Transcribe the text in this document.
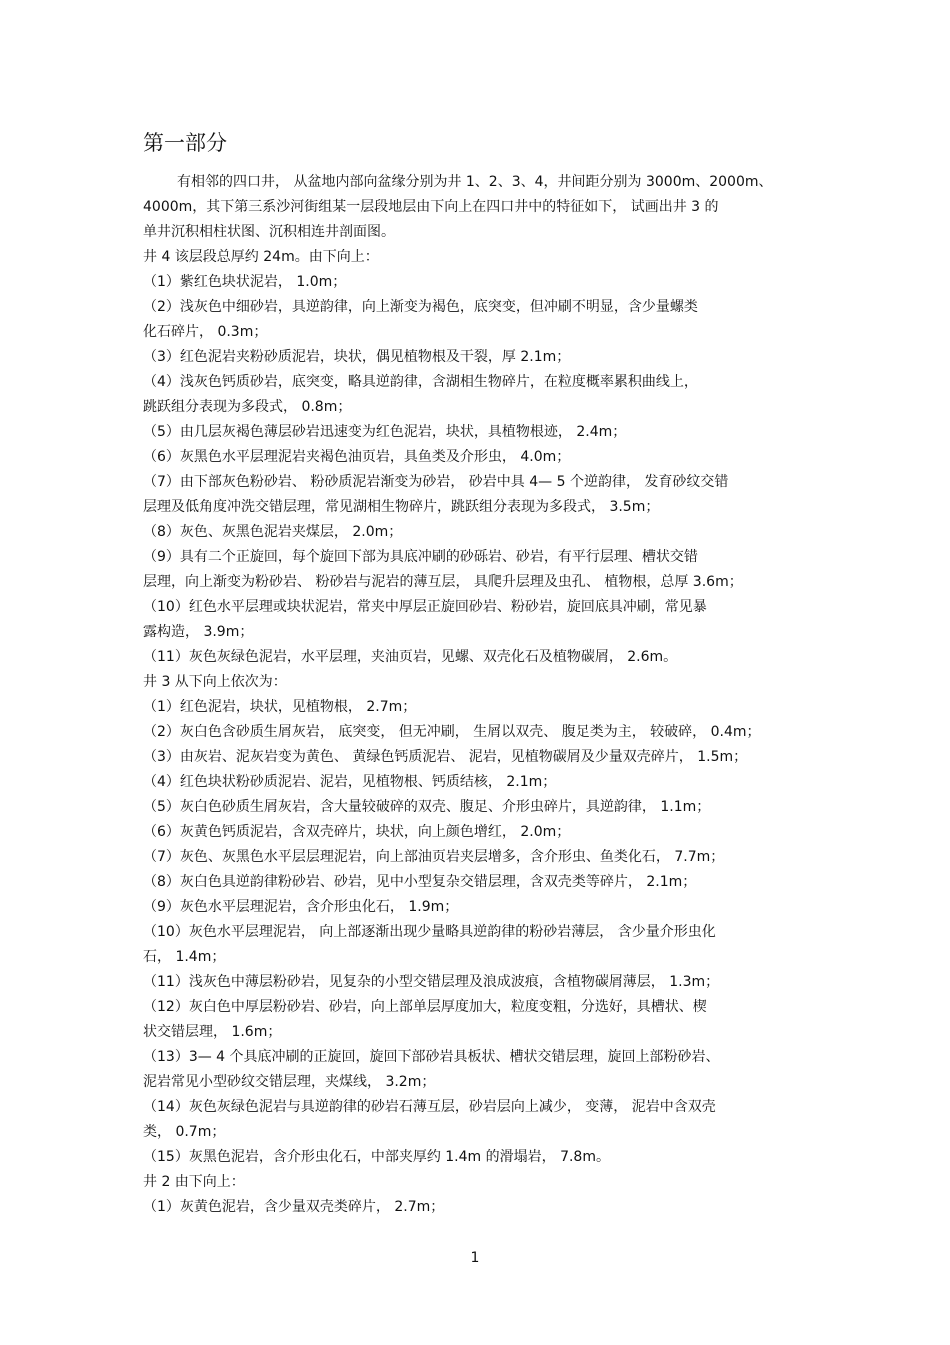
第一部分
有相邻的四口井， 从盆地内部向盆缘分别为井 1、2、3、4，井间距分别为 3000m、2000m、
4000m，其下第三系沙河街组某一层段地层由下向上在四口井中的特征如下， 试画出井 3 的
单井沉积相柱状图、沉积相连井剖面图。
井 4 该层段总厚约 24m。由下向上：
（1）紫红色块状泥岩， 1.0m；
（2）浅灰色中细砂岩，具逆韵律，向上渐变为褐色，底突变，但冲刷不明显，含少量螺类
化石碎片， 0.3m；
（3）红色泥岩夹粉砂质泥岩，块状，偶见植物根及干裂，厚 2.1m；
（4）浅灰色钙质砂岩，底突变，略具逆韵律，含湖相生物碎片，在粒度概率累积曲线上，
跳跃组分表现为多段式， 0.8m；
（5）由几层灰褐色薄层砂岩迅速变为红色泥岩，块状，具植物根迹， 2.4m；
（6）灰黑色水平层理泥岩夹褐色油页岩，具鱼类及介形虫， 4.0m；
（7）由下部灰色粉砂岩、 粉砂质泥岩渐变为砂岩， 砂岩中具 4— 5 个逆韵律， 发育砂纹交错
层理及低角度冲洗交错层理，常见湖相生物碎片，跳跃组分表现为多段式， 3.5m；
（8）灰色、灰黑色泥岩夹煤层， 2.0m；
（9）具有二个正旋回，每个旋回下部为具底冲刷的砂砾岩、砂岩，有平行层理、槽状交错
层理，向上渐变为粉砂岩、 粉砂岩与泥岩的薄互层， 具爬升层理及虫孔、 植物根，总厚 3.6m；
（10）红色水平层理或块状泥岩，常夹中厚层正旋回砂岩、粉砂岩，旋回底具冲刷，常见暴
露构造， 3.9m；
（11）灰色灰绿色泥岩，水平层理，夹油页岩，见螺、双壳化石及植物碳屑， 2.6m。
井 3 从下向上依次为：
（1）红色泥岩，块状，见植物根， 2.7m；
（2）灰白色含砂质生屑灰岩， 底突变， 但无冲刷， 生屑以双壳、 腹足类为主， 较破碎， 0.4m；
（3）由灰岩、泥灰岩变为黄色、 黄绿色钙质泥岩、 泥岩，见植物碳屑及少量双壳碎片， 1.5m；
（4）红色块状粉砂质泥岩、泥岩，见植物根、钙质结核， 2.1m；
（5）灰白色砂质生屑灰岩，含大量较破碎的双壳、腹足、介形虫碎片，具逆韵律， 1.1m；
（6）灰黄色钙质泥岩，含双壳碎片，块状，向上颜色增红， 2.0m；
（7）灰色、灰黑色水平层层理泥岩，向上部油页岩夹层增多，含介形虫、鱼类化石， 7.7m；
（8）灰白色具逆韵律粉砂岩、砂岩，见中小型复杂交错层理，含双壳类等碎片， 2.1m；
（9）灰色水平层理泥岩，含介形虫化石， 1.9m；
（10）灰色水平层理泥岩， 向上部逐渐出现少量略具逆韵律的粉砂岩薄层， 含少量介形虫化
石， 1.4m；
（11）浅灰色中薄层粉砂岩，见复杂的小型交错层理及浪成波痕，含植物碳屑薄层， 1.3m；
（12）灰白色中厚层粉砂岩、砂岩，向上部单层厚度加大，粒度变粗，分选好，具槽状、楔
状交错层理， 1.6m；
（13）3— 4 个具底冲刷的正旋回，旋回下部砂岩具板状、槽状交错层理，旋回上部粉砂岩、
泥岩常见小型砂纹交错层理，夹煤线， 3.2m；
（14）灰色灰绿色泥岩与具逆韵律的砂岩石薄互层，砂岩层向上减少， 变薄， 泥岩中含双壳
类， 0.7m；
（15）灰黑色泥岩，含介形虫化石，中部夹厚约 1.4m 的滑塌岩， 7.8m。
井 2 由下向上：
（1）灰黄色泥岩，含少量双壳类碎片， 2.7m；
1
